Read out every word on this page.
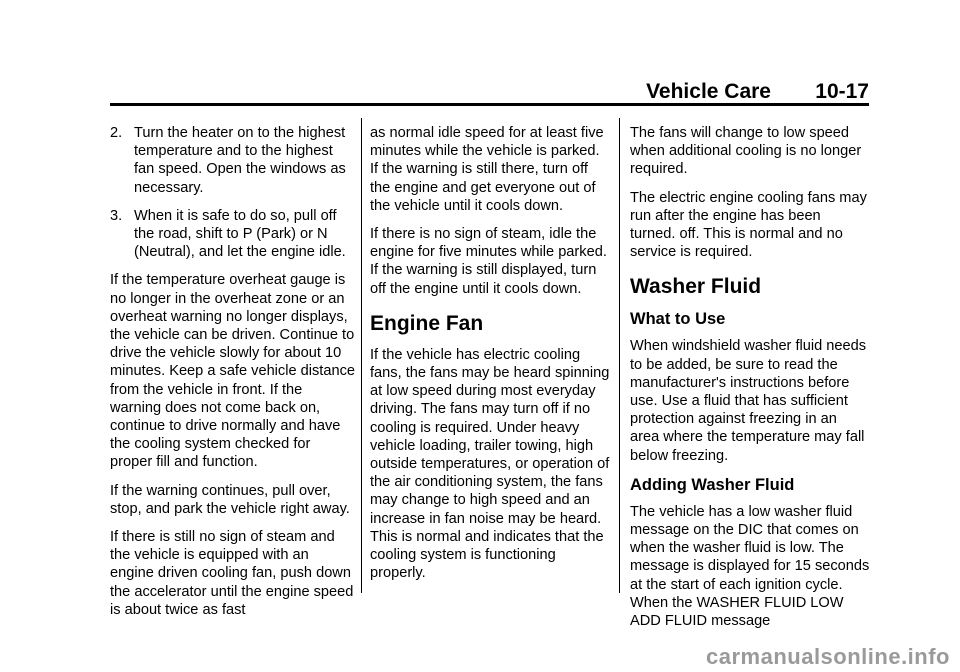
Vehicle Care 10-17
2. Turn the heater on to the highest temperature and to the highest fan speed. Open the windows as necessary.
3. When it is safe to do so, pull off the road, shift to P (Park) or N (Neutral), and let the engine idle.

If the temperature overheat gauge is no longer in the overheat zone or an overheat warning no longer displays, the vehicle can be driven. Continue to drive the vehicle slowly for about 10 minutes. Keep a safe vehicle distance from the vehicle in front. If the warning does not come back on, continue to drive normally and have the cooling system checked for proper fill and function.

If the warning continues, pull over, stop, and park the vehicle right away.

If there is still no sign of steam and the vehicle is equipped with an engine driven cooling fan, push down the accelerator until the engine speed is about twice as fast

as normal idle speed for at least five minutes while the vehicle is parked. If the warning is still there, turn off the engine and get everyone out of the vehicle until it cools down.

If there is no sign of steam, idle the engine for five minutes while parked. If the warning is still displayed, turn off the engine until it cools down.

Engine Fan

If the vehicle has electric cooling fans, the fans may be heard spinning at low speed during most everyday driving. The fans may turn off if no cooling is required. Under heavy vehicle loading, trailer towing, high outside temperatures, or operation of the air conditioning system, the fans may change to high speed and an increase in fan noise may be heard. This is normal and indicates that the cooling system is functioning properly.

The fans will change to low speed when additional cooling is no longer required.

The electric engine cooling fans may run after the engine has been turned. off. This is normal and no service is required.

Washer Fluid
What to Use

When windshield washer fluid needs to be added, be sure to read the manufacturer's instructions before use. Use a fluid that has sufficient protection against freezing in an area where the temperature may fall below freezing.

Adding Washer Fluid

The vehicle has a low washer fluid message on the DIC that comes on when the washer fluid is low. The message is displayed for 15 seconds at the start of each ignition cycle. When the WASHER FLUID LOW ADD FLUID message

carmanualsonline.info
